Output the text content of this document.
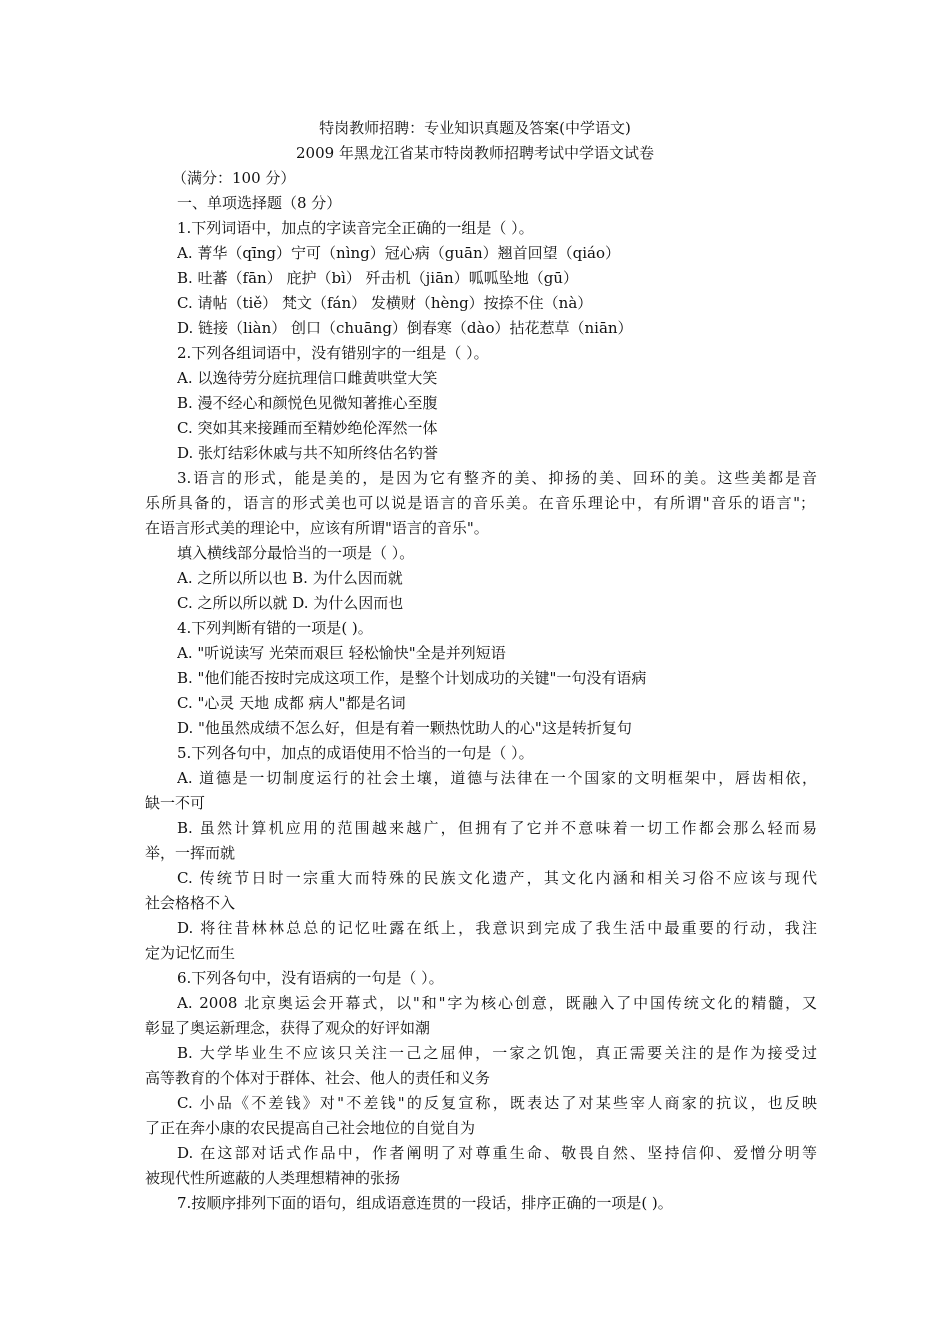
特岗教师招聘：专业知识真题及答案(中学语文)
2009 年黑龙江省某市特岗教师招聘考试中学语文试卷
（满分：100 分）
一、单项选择题（8 分）
1.下列词语中，加点的字读音完全正确的一组是（ ）。
A. 菁华（qīng）宁可（nìng）冠心病（guān）翘首回望（qiáo）
B. 吐蕃（fān） 庇护（bì） 歼击机（jiān）呱呱坠地（gū）
C. 请帖（tiě） 梵文（fán） 发横财（hèng）按捺不住（nà）
D. 链接（liàn） 创口（chuāng）倒春寒（dào）拈花惹草（niān）
2.下列各组词语中，没有错别字的一组是（ ）。
A. 以逸待劳分庭抗理信口雌黄哄堂大笑
B. 漫不经心和颜悦色见微知著推心至腹
C. 突如其来接踵而至精妙绝伦浑然一体
D. 张灯结彩休戚与共不知所终估名钓誉
3.语言的形式，能是美的，是因为它有整齐的美、抑扬的美、回环的美。这些美都是音
乐所具备的，语言的形式美也可以说是语言的音乐美。在音乐理论中，有所谓"音乐的语言"；
在语言形式美的理论中，应该有所谓"语言的音乐"。
填入横线部分最恰当的一项是（ ）。
A. 之所以所以也 B. 为什么因而就
C. 之所以所以就 D. 为什么因而也
4.下列判断有错的一项是( )。
A. "听说读写 光荣而艰巨 轻松愉快"全是并列短语
B. "他们能否按时完成这项工作，是整个计划成功的关键"一句没有语病
C. "心灵 天地 成都 病人"都是名词
D. "他虽然成绩不怎么好，但是有着一颗热忱助人的心"这是转折复句
5.下列各句中，加点的成语使用不恰当的一句是（ ）。
A. 道德是一切制度运行的社会土壤，道德与法律在一个国家的文明框架中，唇齿相依，
缺一不可
B. 虽然计算机应用的范围越来越广，但拥有了它并不意味着一切工作都会那么轻而易
举，一挥而就
C. 传统节日时一宗重大而特殊的民族文化遗产，其文化内涵和相关习俗不应该与现代
社会格格不入
D. 将往昔林林总总的记忆吐露在纸上，我意识到完成了我生活中最重要的行动，我注
定为记忆而生
6.下列各句中，没有语病的一句是（ ）。
A. 2008 北京奥运会开幕式，以"和"字为核心创意，既融入了中国传统文化的精髓，又
彰显了奥运新理念，获得了观众的好评如潮
B. 大学毕业生不应该只关注一己之屈伸，一家之饥饱，真正需要关注的是作为接受过
高等教育的个体对于群体、社会、他人的责任和义务
C. 小品《不差钱》对"不差钱"的反复宣称，既表达了对某些宰人商家的抗议，也反映
了正在奔小康的农民提高自己社会地位的自觉自为
D. 在这部对话式作品中，作者阐明了对尊重生命、敬畏自然、坚持信仰、爱憎分明等
被现代性所遮蔽的人类理想精神的张扬
7.按顺序排列下面的语句，组成语意连贯的一段话，排序正确的一项是( )。
